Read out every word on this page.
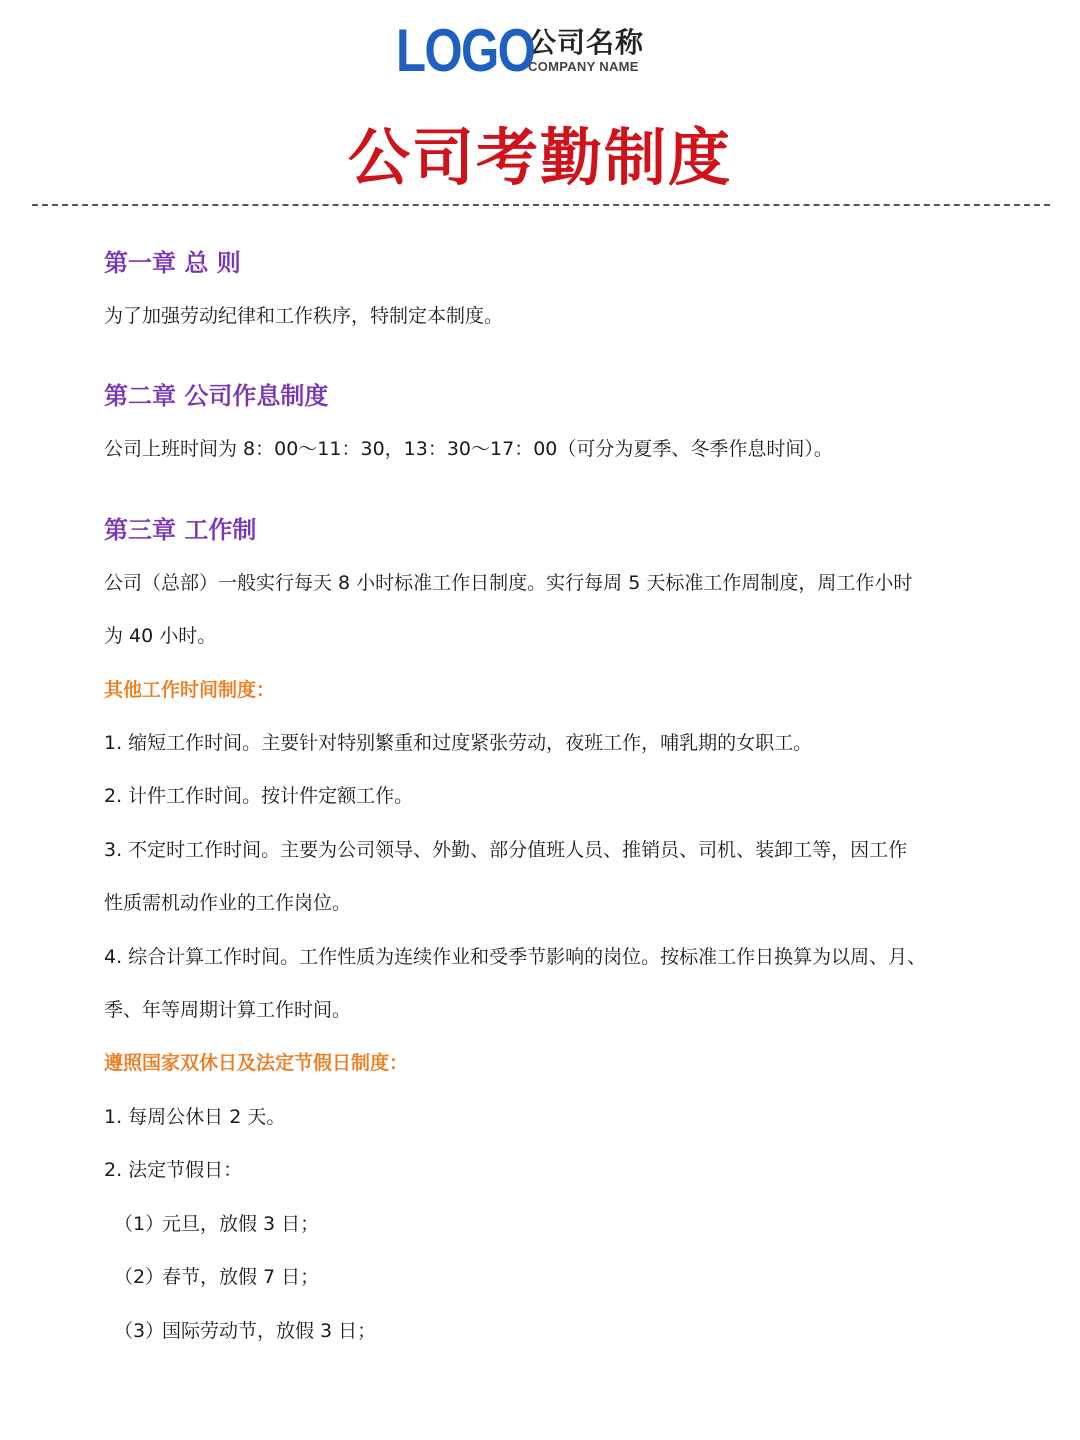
LOGO
公司名称
COMPANY NAME
公司考勤制度
第一章 总 则

为了加强劳动纪律和工作秩序，特制定本制度。

第二章 公司作息制度

公司上班时间为 8：00～11：30，13：30～17：00（可分为夏季、冬季作息时间）。

第三章 工作制

公司（总部）一般实行每天 8 小时标准工作日制度。实行每周 5 天标准工作周制度，周工作小时

为 40 小时。

其他工作时间制度：

1. 缩短工作时间。主要针对特别繁重和过度紧张劳动，夜班工作，哺乳期的女职工。

2. 计件工作时间。按计件定额工作。

3. 不定时工作时间。主要为公司领导、外勤、部分值班人员、推销员、司机、装卸工等，因工作

性质需机动作业的工作岗位。

4. 综合计算工作时间。工作性质为连续作业和受季节影响的岗位。按标准工作日换算为以周、月、

季、年等周期计算工作时间。

遵照国家双休日及法定节假日制度：

1. 每周公休日 2 天。

2. 法定节假日：

（1）元旦，放假 3 日；

（2）春节，放假 7 日；

（3）国际劳动节，放假 3 日；
